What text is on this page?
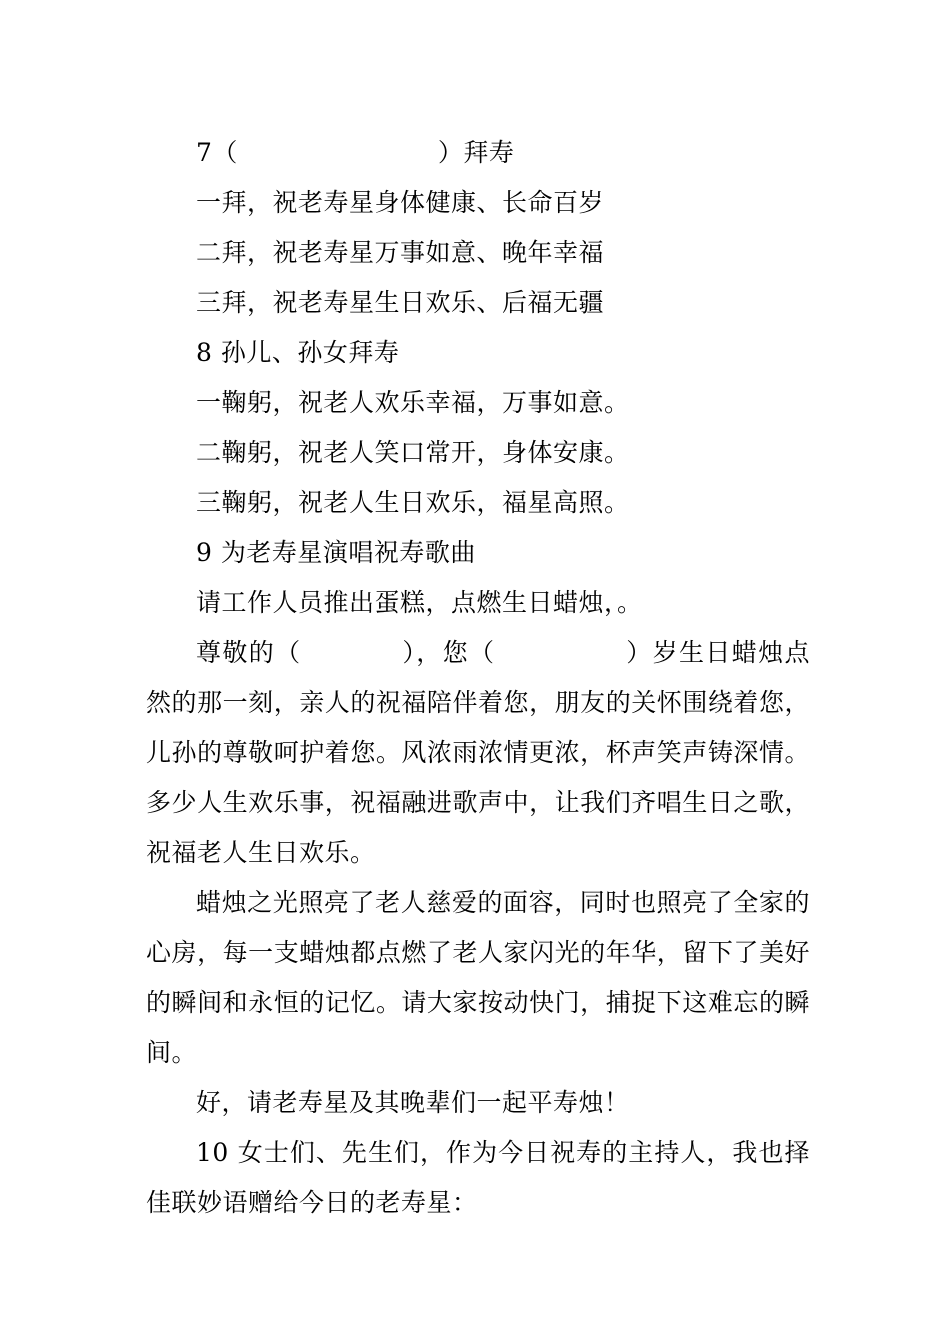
7（	）拜寿
一拜，祝老寿星身体健康、长命百岁
二拜，祝老寿星万事如意、晚年幸福
三拜，祝老寿星生日欢乐、后福无疆
8 孙儿、孙女拜寿
一鞠躬，祝老人欢乐幸福，万事如意。
二鞠躬，祝老人笑口常开，身体安康。
三鞠躬，祝老人生日欢乐，福星高照。
9 为老寿星演唱祝寿歌曲
请工作人员推出蛋糕，点燃生日蜡烛，。
尊敬的（	），您（	）岁生日蜡烛点然的那一刻，亲人的祝福陪伴着您，朋友的关怀围绕着您，儿孙的尊敬呵护着您。风浓雨浓情更浓，杯声笑声铸深情。多少人生欢乐事，祝福融进歌声中，让我们齐唱生日之歌，祝福老人生日欢乐。
蜡烛之光照亮了老人慈爱的面容，同时也照亮了全家的心房，每一支蜡烛都点燃了老人家闪光的年华，留下了美好的瞬间和永恒的记忆。请大家按动快门，捕捉下这难忘的瞬间。
好，请老寿星及其晚辈们一起平寿烛！
10 女士们、先生们，作为今日祝寿的主持人，我也择佳联妙语赠给今日的老寿星：
